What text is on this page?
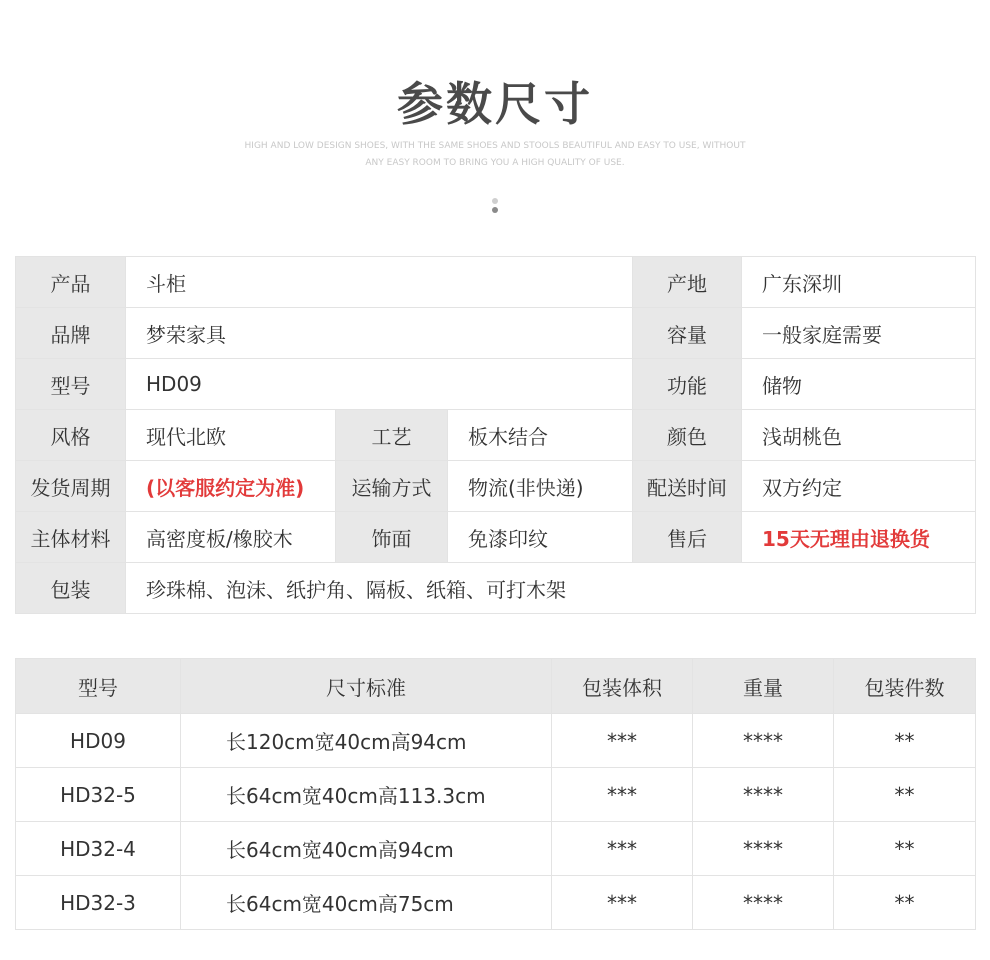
参数尺寸
HIGH AND LOW DESIGN SHOES, WITH THE SAME SHOES AND STOOLS BEAUTIFUL AND EASY TO USE, WITHOUT
ANY EASY ROOM TO BRING YOU A HIGH QUALITY OF USE.
产品	斗柜			产地	广东深圳
品牌	梦荣家具			容量	一般家庭需要
型号	HD09			功能	储物
风格	现代北欧	工艺	板木结合	颜色	浅胡桃色
发货周期	(以客服约定为准)	运输方式	物流(非快递)	配送时间	双方约定
主体材料	高密度板/橡胶木	饰面	免漆印纹	售后	15天无理由退换货
包装	珍珠棉、泡沫、纸护角、隔板、纸箱、可打木架				
型号	尺寸标准	包装体积	重量	包装件数
HD09	长120cm宽40cm高94cm	***	****	**
HD32-5	长64cm宽40cm高113.3cm	***	****	**
HD32-4	长64cm宽40cm高94cm	***	****	**
HD32-3	长64cm宽40cm高75cm	***	****	**
